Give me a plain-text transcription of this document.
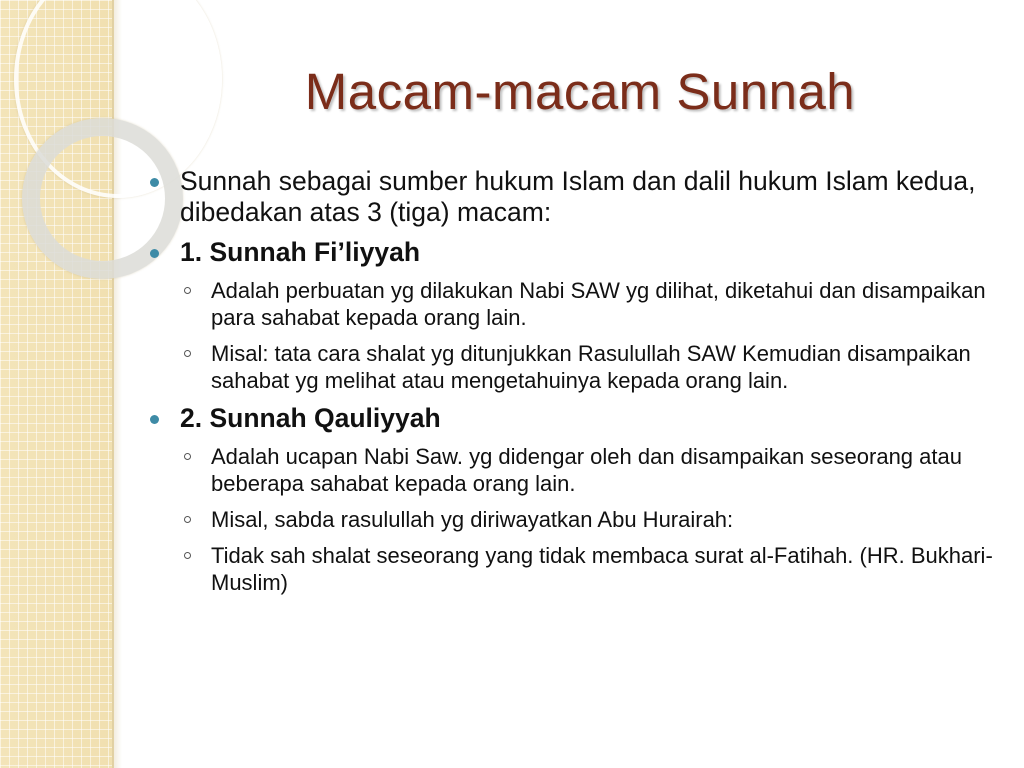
Macam-macam Sunnah
Sunnah sebagai sumber hukum Islam dan dalil hukum Islam kedua, dibedakan atas 3 (tiga) macam:
1. Sunnah Fi’liyyah
Adalah perbuatan yg dilakukan Nabi SAW yg dilihat, diketahui dan disampaikan para sahabat kepada orang lain.
Misal: tata cara shalat yg ditunjukkan Rasulullah SAW Kemudian disampaikan sahabat yg melihat atau mengetahuinya kepada orang lain.
2. Sunnah Qauliyyah
Adalah ucapan Nabi Saw. yg didengar oleh dan disampaikan seseorang atau beberapa sahabat kepada orang lain.
Misal, sabda rasulullah yg diriwayatkan Abu Hurairah:
Tidak sah shalat seseorang yang tidak membaca surat al-Fatihah. (HR. Bukhari-Muslim)
